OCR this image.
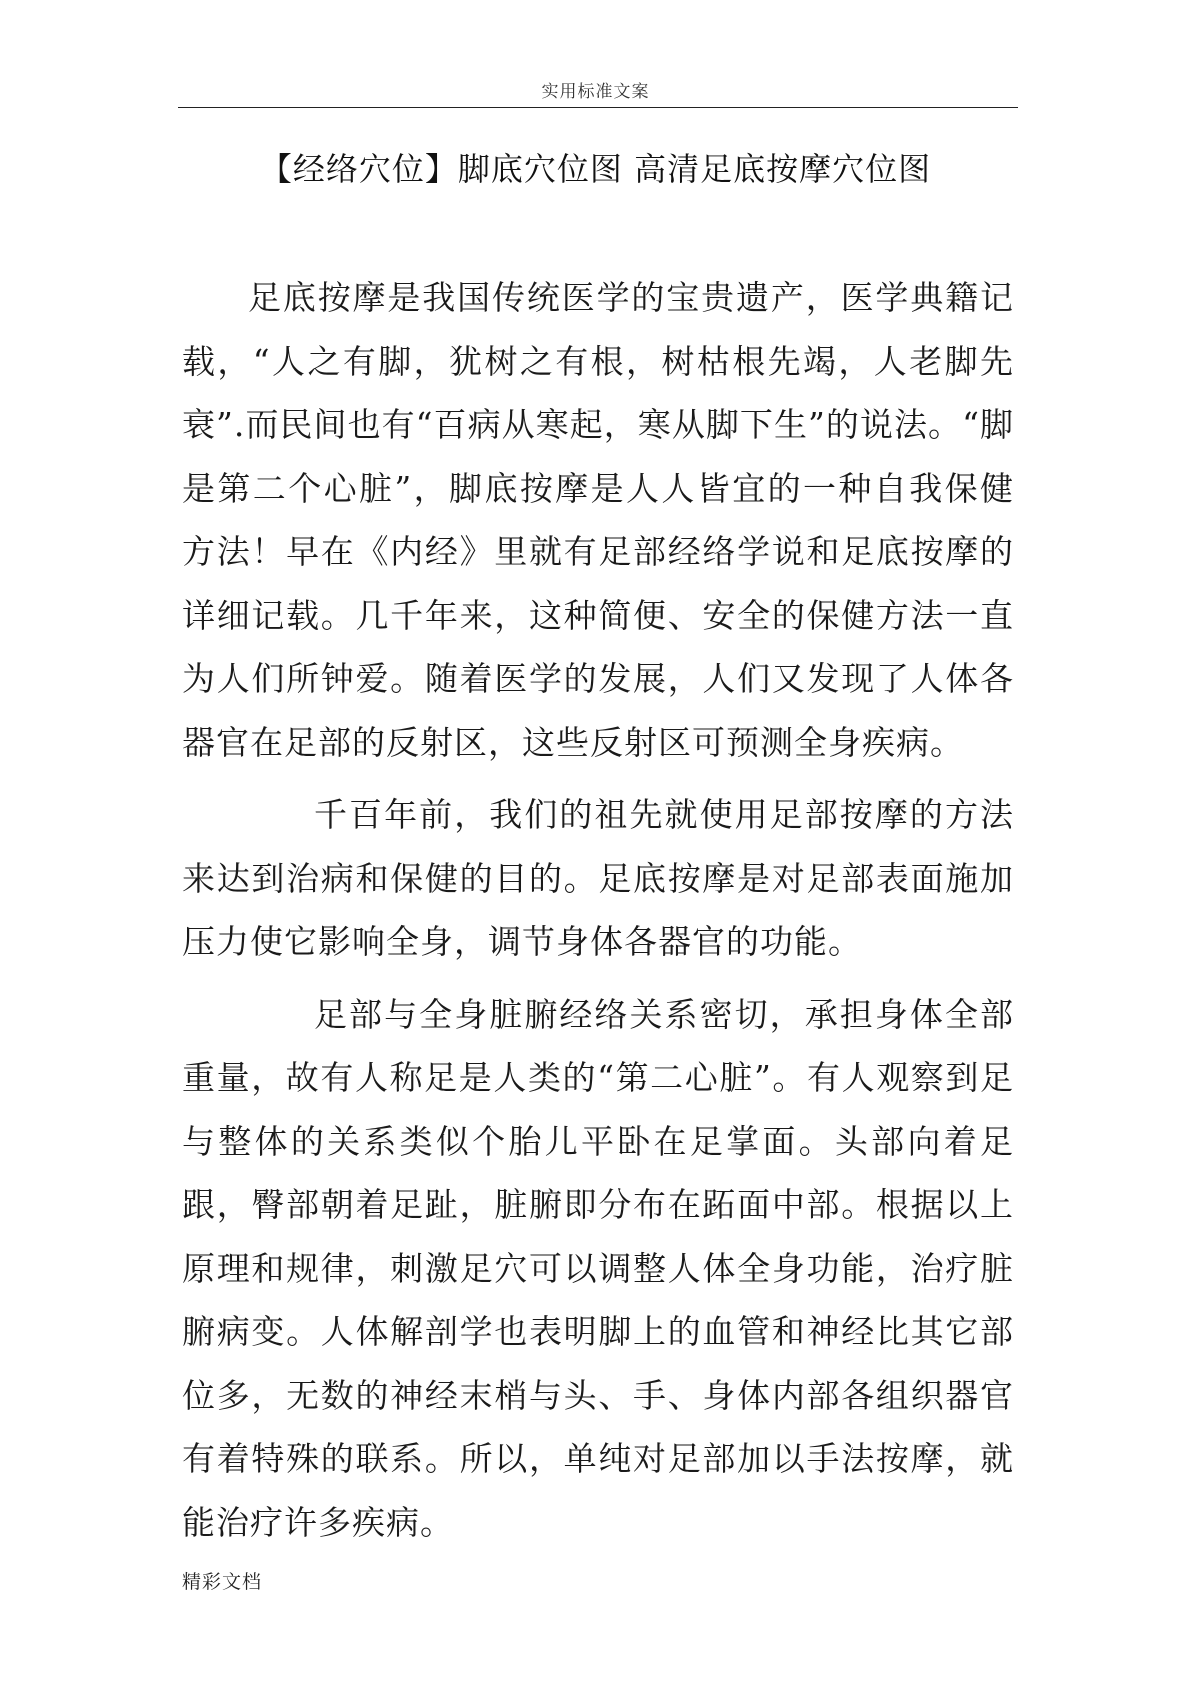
实用标准文案
【经络穴位】脚底穴位图 高清足底按摩穴位图

足底按摩是我国传统医学的宝贵遗产，医学典籍记载，“人之有脚，犹树之有根，树枯根先竭，人老脚先衰”.而民间也有“百病从寒起，寒从脚下生”的说法。“脚是第二个心脏”，脚底按摩是人人皆宜的一种自我保健方法！早在《内经》里就有足部经络学说和足底按摩的详细记载。几千年来，这种简便、安全的保健方法一直为人们所钟爱。随着医学的发展，人们又发现了人体各器官在足部的反射区，这些反射区可预测全身疾病。

千百年前，我们的祖先就使用足部按摩的方法来达到治病和保健的目的。足底按摩是对足部表面施加压力使它影响全身，调节身体各器官的功能。

足部与全身脏腑经络关系密切，承担身体全部重量，故有人称足是人类的“第二心脏”。有人观察到足与整体的关系类似个胎儿平卧在足掌面。头部向着足跟，臀部朝着足趾，脏腑即分布在跖面中部。根据以上原理和规律，刺激足穴可以调整人体全身功能，治疗脏腑病变。人体解剖学也表明脚上的血管和神经比其它部位多，无数的神经末梢与头、手、身体内部各组织器官有着特殊的联系。所以，单纯对足部加以手法按摩，就能治疗许多疾病。

精彩文档
